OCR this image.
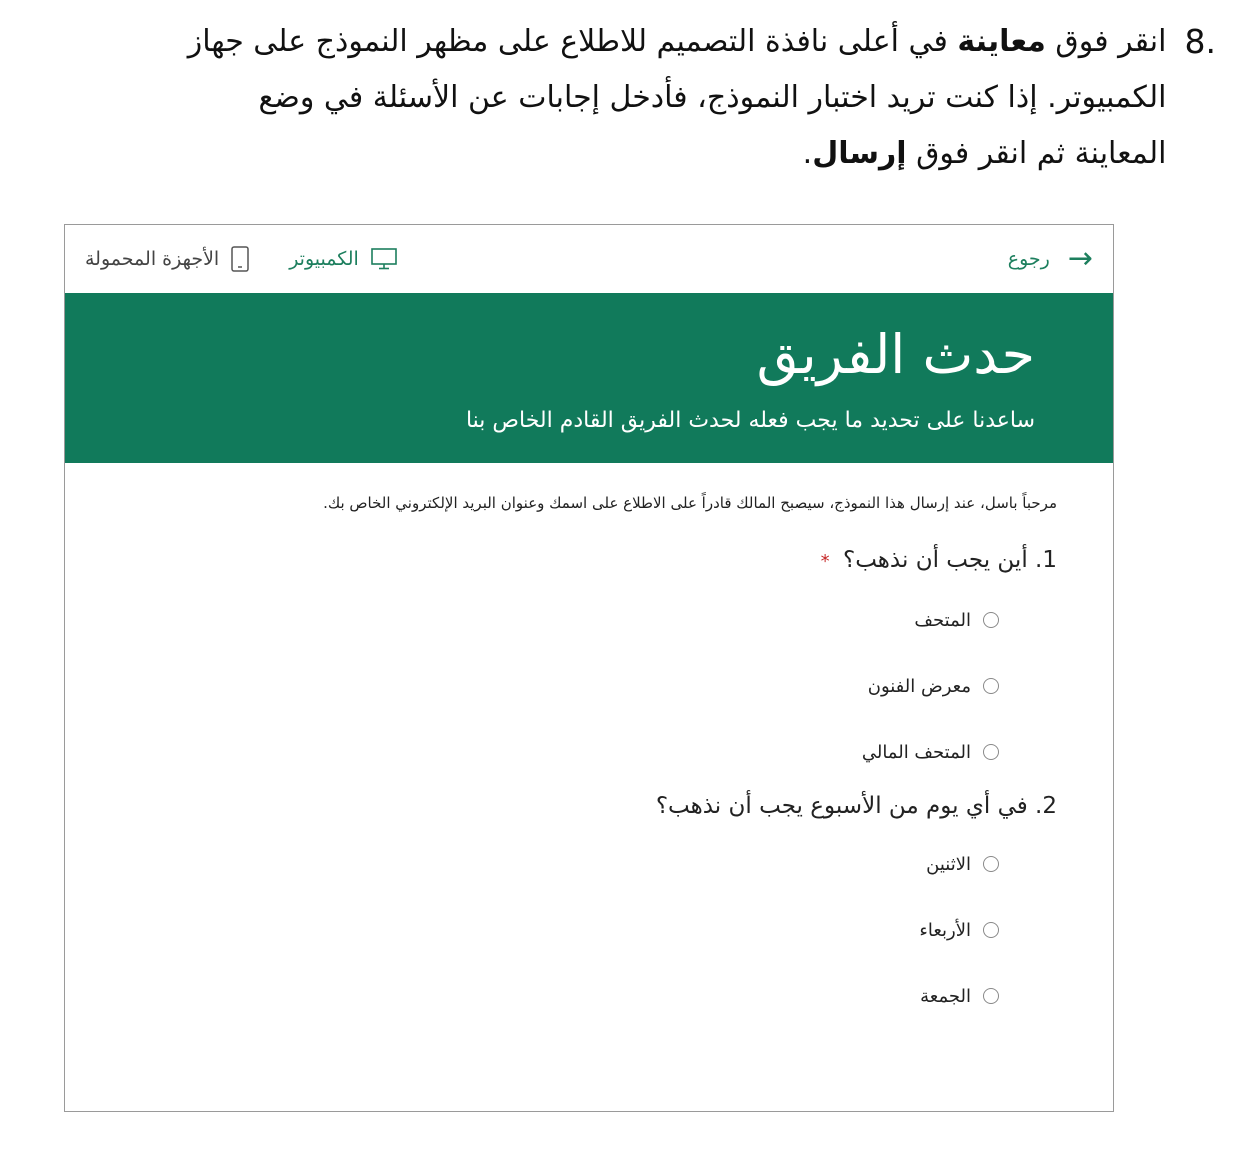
.8
انقر فوق معاينة في أعلى نافذة التصميم للاطلاع على مظهر النموذج على جهاز الكمبيوتر. إذا كنت تريد اختبار النموذج، فأدخل إجابات عن الأسئلة في وضع المعاينة ثم انقر فوق إرسال.
الأجهزة المحمولة	الكمبيوتر	رجوع →
حدث الفريق
ساعدنا على تحديد ما يجب فعله لحدث الفريق القادم الخاص بنا
مرحباً باسل، عند إرسال هذا النموذج، سيصبح المالك قادراً على الاطلاع على اسمك وعنوان البريد الإلكتروني الخاص بك.
1. أين يجب أن نذهب؟ *
المتحف
معرض الفنون
المتحف المالي
2. في أي يوم من الأسبوع يجب أن نذهب؟
الاثنين
الأربعاء
الجمعة
